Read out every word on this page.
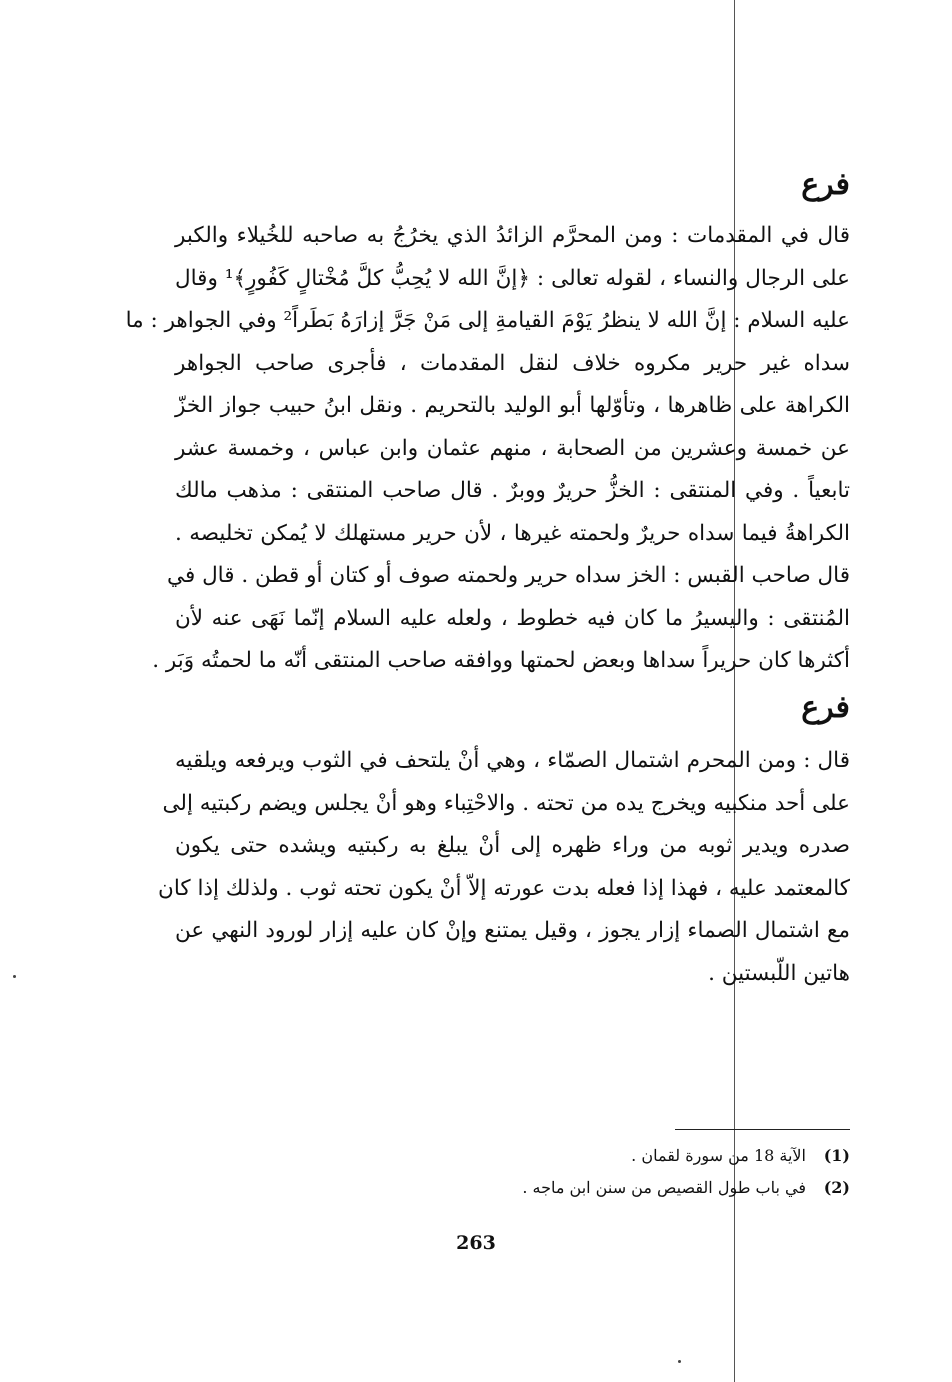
فرع
قال في المقدمات : ومن المحرَّم الزائدُ الذي يخرُجُ به صاحبه للخُيلاء والكبر
على الرجال والنساء ، لقوله تعالى : ﴿إنَّ الله لا يُحِبُّ كلَّ مُخْتالٍ كَفُورٍ﴾¹ وقال
عليه السلام : إنَّ الله لا ينظرُ يَوْمَ القيامةِ إلى مَنْ جَرَّ إزارَهُ بَطَراً² وفي الجواهر : ما
سداه غير حرير مكروه خلاف لنقل المقدمات ، فأجرى صاحب الجواهر
الكراهة على ظاهرها ، وتأوّلها أبو الوليد بالتحريم . ونقل ابنُ حبيب جواز الخزّ
عن خمسة وعشرين من الصحابة ، منهم عثمان وابن عباس ، وخمسة عشر
تابعياً . وفي المنتقى : الخزُّ حريرٌ ووبرٌ . قال صاحب المنتقى : مذهب مالك
الكراهةُ فيما سداه حريرٌ ولحمته غيرها ، لأن حرير مستهلك لا يُمكن تخليصه .
قال صاحب القبس : الخز سداه حرير ولحمته صوف أو كتان أو قطن . قال في
المُنتقى : واليسيرُ ما كان فيه خطوط ، ولعله عليه السلام إنّما نَهَى عنه لأن
أكثرها كان حريراً سداها وبعض لحمتها ووافقه صاحب المنتقى أنّه ما لحمتُه وَبَر .
فرع
قال : ومن المحرم اشتمال الصمّاء ، وهي أنْ يلتحف في الثوب ويرفعه ويلقيه
على أحد منكبيه ويخرج يده من تحته . والاحْتِباء وهو أنْ يجلس ويضم ركبتيه إلى
صدره ويدير ثوبه من وراء ظهره إلى أنْ يبلغ به ركبتيه ويشده حتى يكون
كالمعتمد عليه ، فهذا إذا فعله بدت عورته إلاّ أنْ يكون تحته ثوب . ولذلك إذا كان
مع اشتمال الصماء إزار يجوز ، وقيل يمتنع وإنْ كان عليه إزار لورود النهي عن
هاتين اللّبستين .
(1)الآية 18 من سورة لقمان .
(2)في باب طول القصيص من سنن ابن ماجه .
263
